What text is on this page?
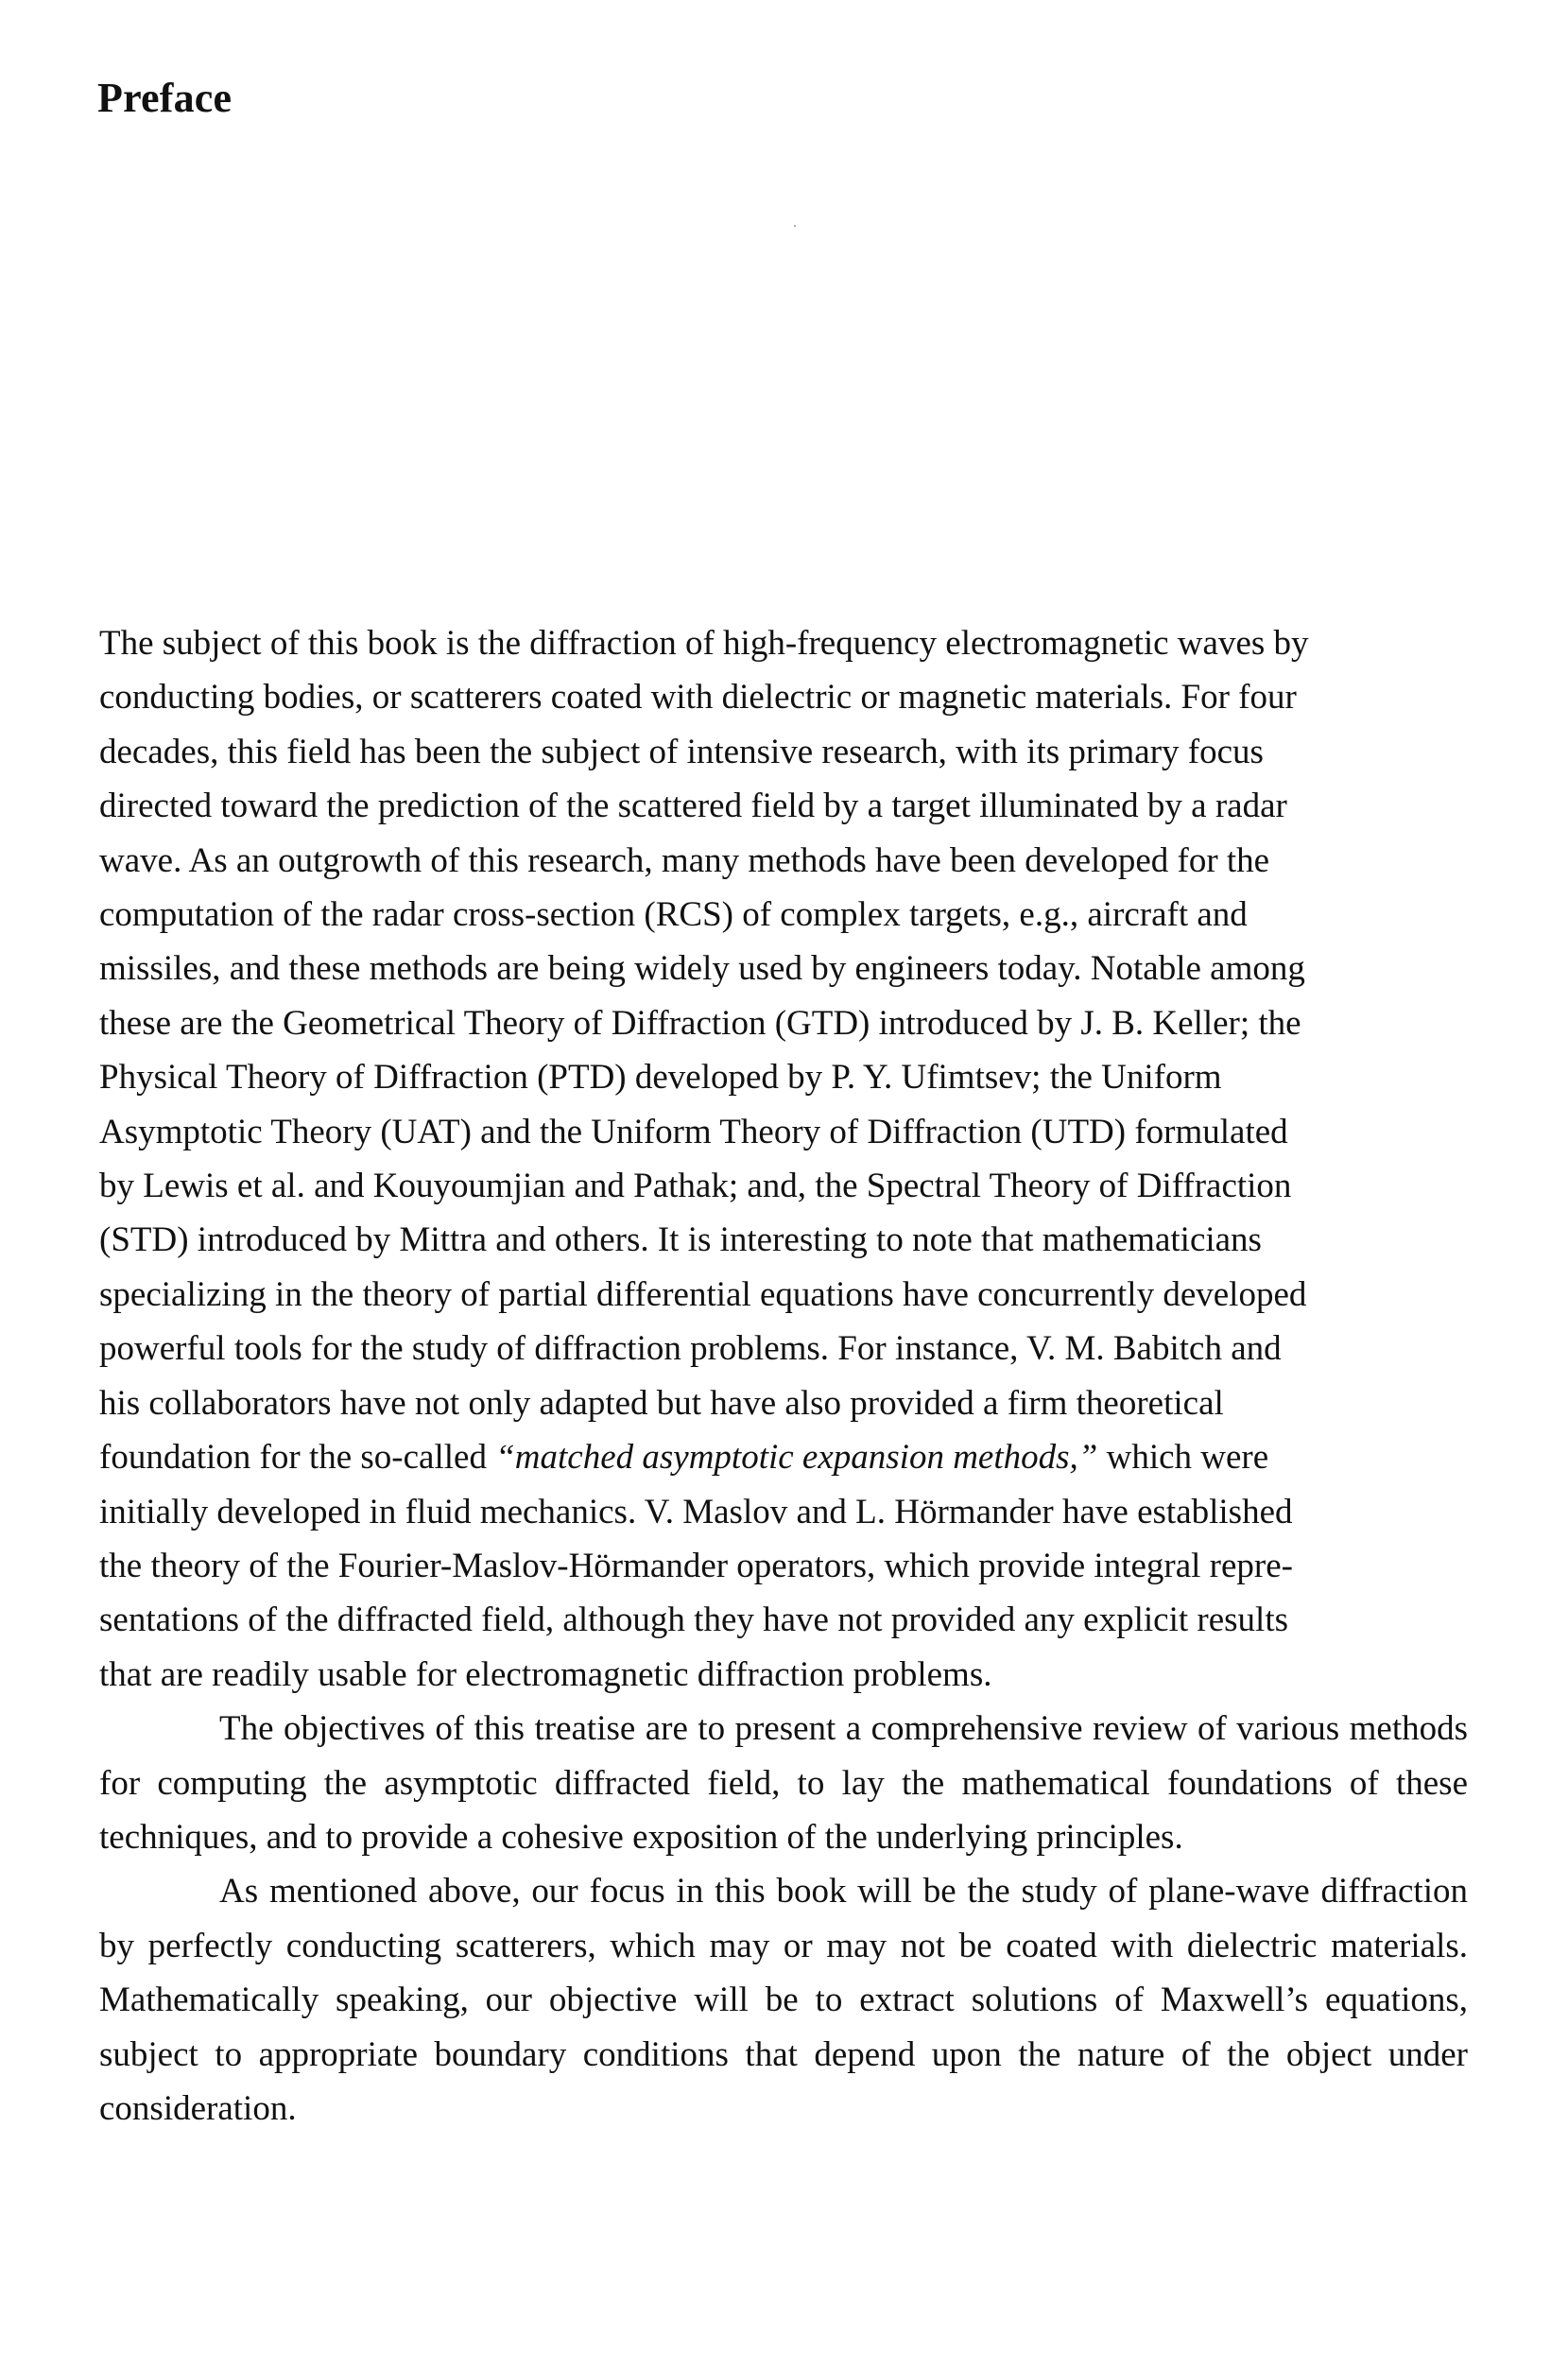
Preface

The subject of this book is the diffraction of high-frequency electromagnetic waves by
conducting bodies, or scatterers coated with dielectric or magnetic materials. For four
decades, this field has been the subject of intensive research, with its primary focus
directed toward the prediction of the scattered field by a target illuminated by a radar
wave. As an outgrowth of this research, many methods have been developed for the
computation of the radar cross-section (RCS) of complex targets, e.g., aircraft and
missiles, and these methods are being widely used by engineers today. Notable among
these are the Geometrical Theory of Diffraction (GTD) introduced by J. B. Keller; the
Physical Theory of Diffraction (PTD) developed by P. Y. Ufimtsev; the Uniform
Asymptotic Theory (UAT) and the Uniform Theory of Diffraction (UTD) formulated
by Lewis et al. and Kouyoumjian and Pathak; and, the Spectral Theory of Diffraction
(STD) introduced by Mittra and others. It is interesting to note that mathematicians
specializing in the theory of partial differential equations have concurrently developed
powerful tools for the study of diffraction problems. For instance, V. M. Babitch and
his collaborators have not only adapted but have also provided a firm theoretical
foundation for the so-called “matched asymptotic expansion methods,” which were
initially developed in fluid mechanics. V. Maslov and L. Hörmander have established
the theory of the Fourier-Maslov-Hörmander operators, which provide integral repre-
sentations of the diffracted field, although they have not provided any explicit results
that are readily usable for electromagnetic diffraction problems.

The objectives of this treatise are to present a comprehensive review of various methods for computing the asymptotic diffracted field, to lay the mathematical foundations of these techniques, and to provide a cohesive exposition of the underlying principles.

As mentioned above, our focus in this book will be the study of plane-wave diffraction by perfectly conducting scatterers, which may or may not be coated with dielectric materials. Mathematically speaking, our objective will be to extract solutions of Maxwell’s equations, subject to appropriate boundary conditions that depend upon the nature of the object under consideration.
